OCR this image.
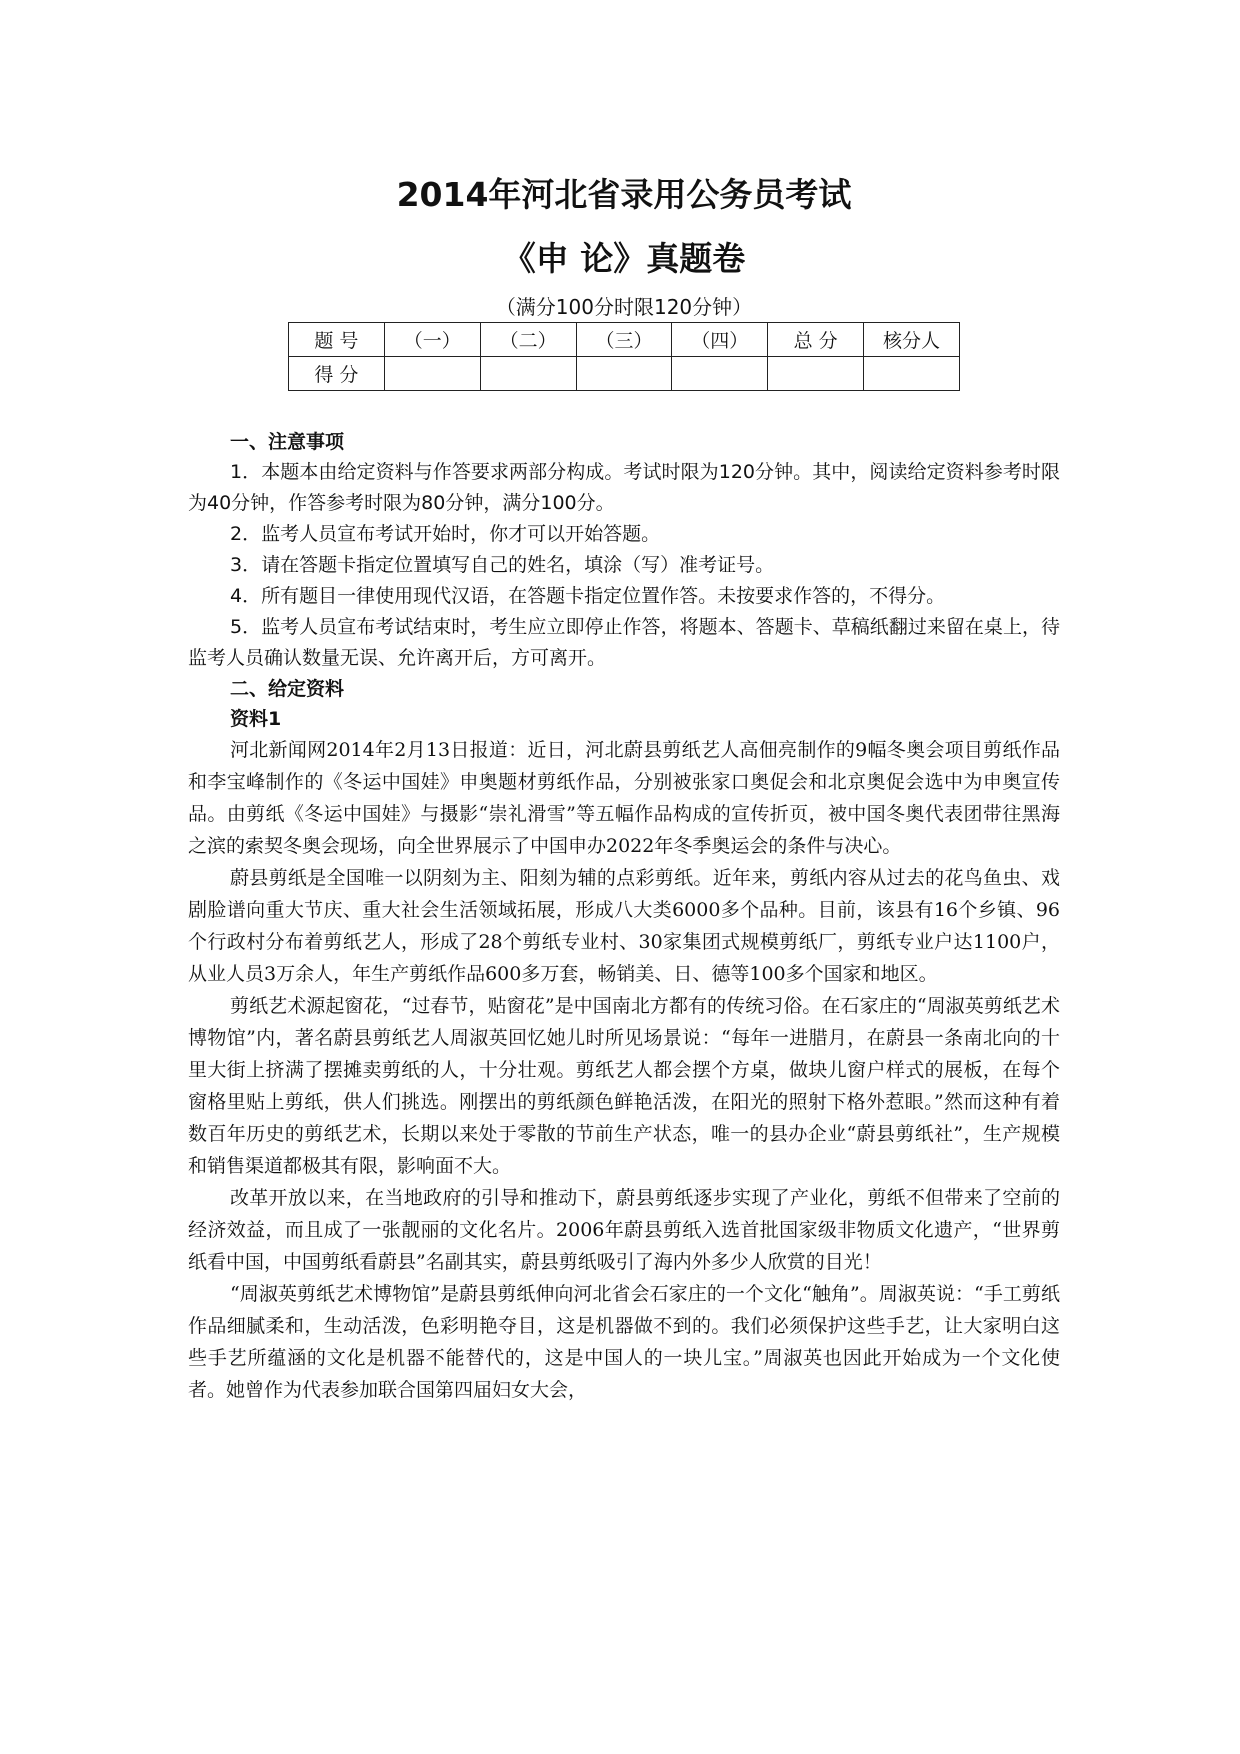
2014年河北省录用公务员考试
《申 论》真题卷
（满分100分时限120分钟）
题 号	（一）	（二）	（三）	（四）	总 分	核分人
得 分						

一、注意事项

1．本题本由给定资料与作答要求两部分构成。考试时限为120分钟。其中，阅读给定资料参考时限为40分钟，作答参考时限为80分钟，满分100分。

2．监考人员宣布考试开始时，你才可以开始答题。

3．请在答题卡指定位置填写自己的姓名，填涂（写）准考证号。

4．所有题目一律使用现代汉语，在答题卡指定位置作答。未按要求作答的，不得分。

5．监考人员宣布考试结束时，考生应立即停止作答，将题本、答题卡、草稿纸翻过来留在桌上，待监考人员确认数量无误、允许离开后，方可离开。

二、给定资料

资料1

河北新闻网2014年2月13日报道：近日，河北蔚县剪纸艺人高佃亮制作的9幅冬奥会项目剪纸作品和李宝峰制作的《冬运中国娃》申奥题材剪纸作品，分别被张家口奥促会和北京奥促会选中为申奥宣传品。由剪纸《冬运中国娃》与摄影“崇礼滑雪”等五幅作品构成的宣传折页，被中国冬奥代表团带往黑海之滨的索契冬奥会现场，向全世界展示了中国申办2022年冬季奥运会的条件与决心。

蔚县剪纸是全国唯一以阴刻为主、阳刻为辅的点彩剪纸。近年来，剪纸内容从过去的花鸟鱼虫、戏剧脸谱向重大节庆、重大社会生活领域拓展，形成八大类6000多个品种。目前，该县有16个乡镇、96个行政村分布着剪纸艺人，形成了28个剪纸专业村、30家集团式规模剪纸厂，剪纸专业户达1100户，从业人员3万余人，年生产剪纸作品600多万套，畅销美、日、德等100多个国家和地区。

剪纸艺术源起窗花，“过春节，贴窗花”是中国南北方都有的传统习俗。在石家庄的“周淑英剪纸艺术博物馆”内，著名蔚县剪纸艺人周淑英回忆她儿时所见场景说：“每年一进腊月，在蔚县一条南北向的十里大街上挤满了摆摊卖剪纸的人，十分壮观。剪纸艺人都会摆个方桌，做块儿窗户样式的展板，在每个窗格里贴上剪纸，供人们挑选。刚摆出的剪纸颜色鲜艳活泼，在阳光的照射下格外惹眼。”然而这种有着数百年历史的剪纸艺术，长期以来处于零散的节前生产状态，唯一的县办企业“蔚县剪纸社”，生产规模和销售渠道都极其有限，影响面不大。

改革开放以来，在当地政府的引导和推动下，蔚县剪纸逐步实现了产业化，剪纸不但带来了空前的经济效益，而且成了一张靓丽的文化名片。2006年蔚县剪纸入选首批国家级非物质文化遗产，“世界剪纸看中国，中国剪纸看蔚县”名副其实，蔚县剪纸吸引了海内外多少人欣赏的目光！

“周淑英剪纸艺术博物馆”是蔚县剪纸伸向河北省会石家庄的一个文化“触角”。周淑英说：“手工剪纸作品细腻柔和，生动活泼，色彩明艳夺目，这是机器做不到的。我们必须保护这些手艺，让大家明白这些手艺所蕴涵的文化是机器不能替代的，这是中国人的一块儿宝。”周淑英也因此开始成为一个文化使者。她曾作为代表参加联合国第四届妇女大会，
